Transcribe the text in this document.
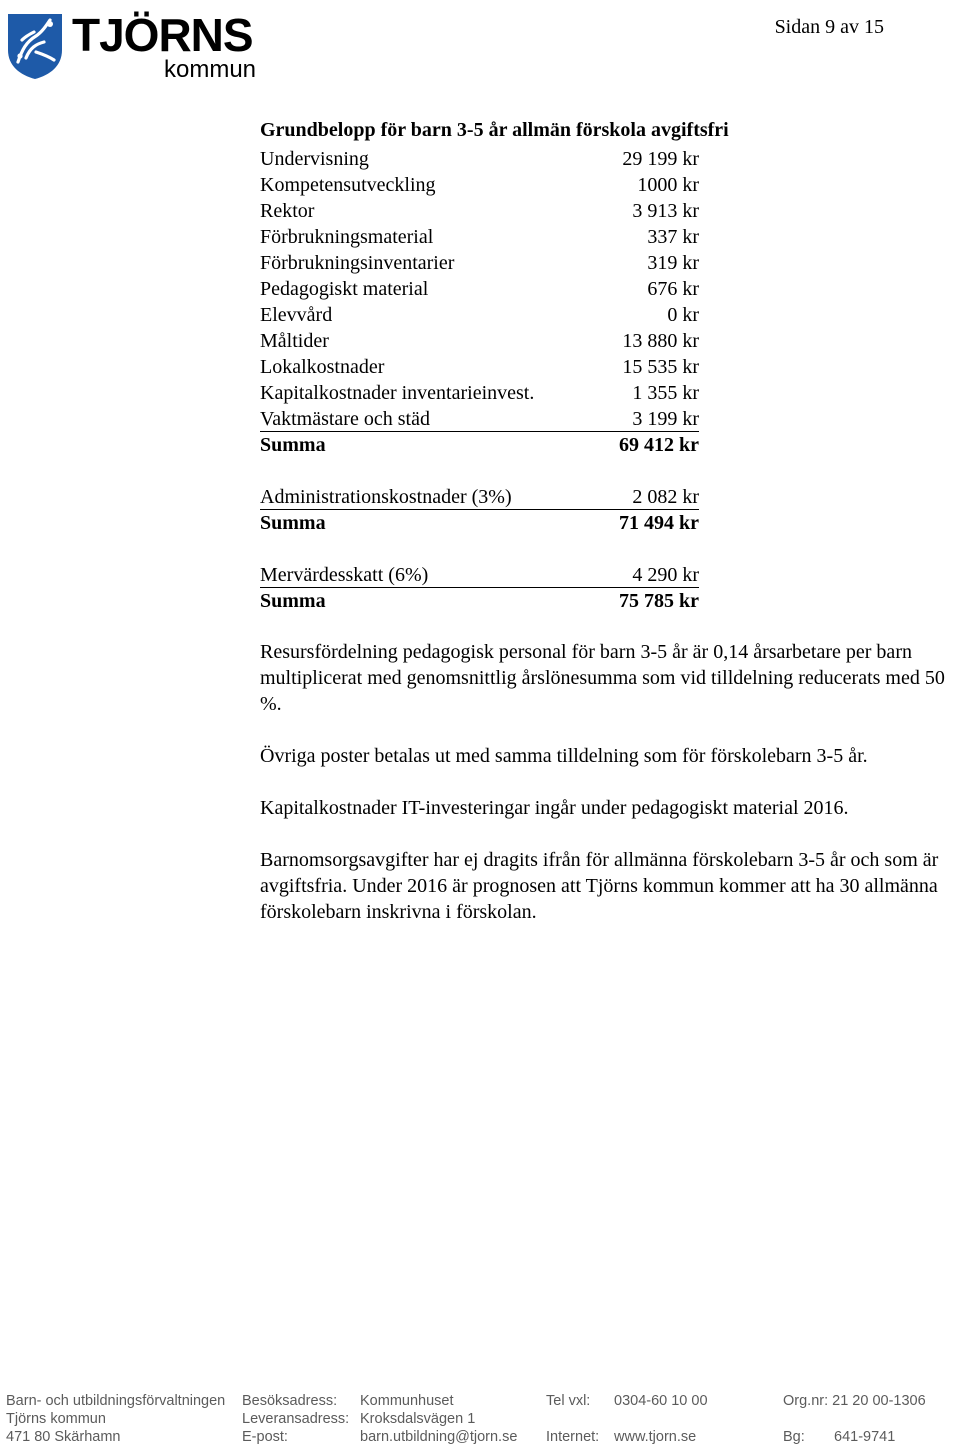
TJÖRNS
kommun
Sidan 9 av 15
Grundbelopp för barn 3-5 år allmän förskola avgiftsfri
Undervisning	29 199 kr
Kompetensutveckling	1000 kr
Rektor	3 913 kr
Förbrukningsmaterial	337 kr
Förbrukningsinventarier	319 kr
Pedagogiskt material	676 kr
Elevvård	0 kr
Måltider	13 880 kr
Lokalkostnader	15 535 kr
Kapitalkostnader inventarieinvest.	1 355 kr
Vaktmästare och städ	3 199 kr
Summa	69 412 kr
Administrationskostnader (3%)	2 082 kr
Summa	71 494 kr
Mervärdesskatt (6%)	4 290 kr
Summa	75 785 kr
Resursfördelning pedagogisk personal för barn 3-5 år är 0,14 årsarbetare per barn multiplicerat med genomsnittlig årslönesumma som vid tilldelning reducerats med 50 %.
Övriga poster betalas ut med samma tilldelning som för förskolebarn 3-5 år.
Kapitalkostnader IT-investeringar ingår under pedagogiskt material 2016.
Barnomsorgsavgifter har ej dragits ifrån för allmänna förskolebarn 3-5 år och som är avgiftsfria. Under 2016 är prognosen att Tjörns kommun kommer att ha 30 allmänna förskolebarn inskrivna i förskolan.
Barn- och utbildningsförvaltningen
Tjörns kommun
471 80 Skärhamn
Besöksadress:
Leveransadress:
E-post:
Kommunhuset
Kroksdalsvägen 1
barn.utbildning@tjorn.se
Tel vxl:
Internet:
0304-60 10 00
www.tjorn.se
Org.nr: 21 20 00-1306
Bg: 641-9741
